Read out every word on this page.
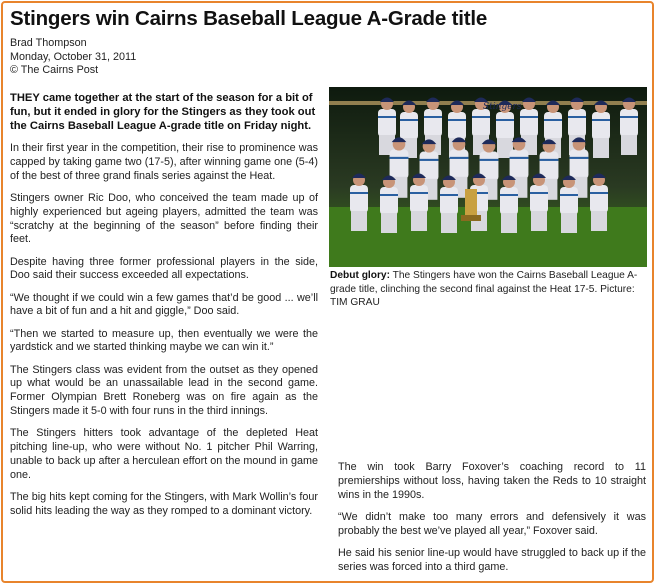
Stingers win Cairns Baseball League A-Grade title
Brad Thompson
Monday, October 31, 2011
© The Cairns Post

THEY came together at the start of the season for a bit of fun, but it ended in glory for the Stingers as they took out the Cairns Baseball League A-grade title on Friday night.

In their first year in the competition, their rise to prominence was capped by taking game two (17-5), after winning game one (5-4) of the best of three grand finals series against the Heat.

Stingers owner Ric Doo, who conceived the team made up of highly experienced but ageing players, admitted the team was “scratchy at the beginning of the season” before finding their feet.

Despite having three former professional players in the side, Doo said their success exceeded all expectations.

“We thought if we could win a few games that’d be good ... we’ll have a bit of fun and a hit and giggle,” Doo said.

“Then we started to measure up, then eventually we were the yardstick and we started thinking maybe we can win it.”

The Stingers class was evident from the outset as they opened up what would be an unassailable lead in the second game. Former Olympian Brett Roneberg was on fire again as the Stingers made it 5-0 with four runs in the third innings.

The Stingers hitters took advantage of the depleted Heat pitching line-up, who were without No. 1 pitcher Phil Warring, unable to back up after a herculean effort on the mound in game one.

The big hits kept coming for the Stingers, with Mark Wollin’s four solid hits leading the way as they romped to a dominant victory.

Stingers
Debut glory: The Stingers have won the Cairns Baseball League A-grade title, clinching the second final against the Heat 17-5. Picture: TIM GRAU

The win took Barry Foxover’s coaching record to 11 premierships without loss, having taken the Reds to 10 straight wins in the 1990s.

“We didn’t make too many errors and defensively it was probably the best we’ve played all year,” Foxover said.

He said his senior line-up would have struggled to back up if the series was forced into a third game.
